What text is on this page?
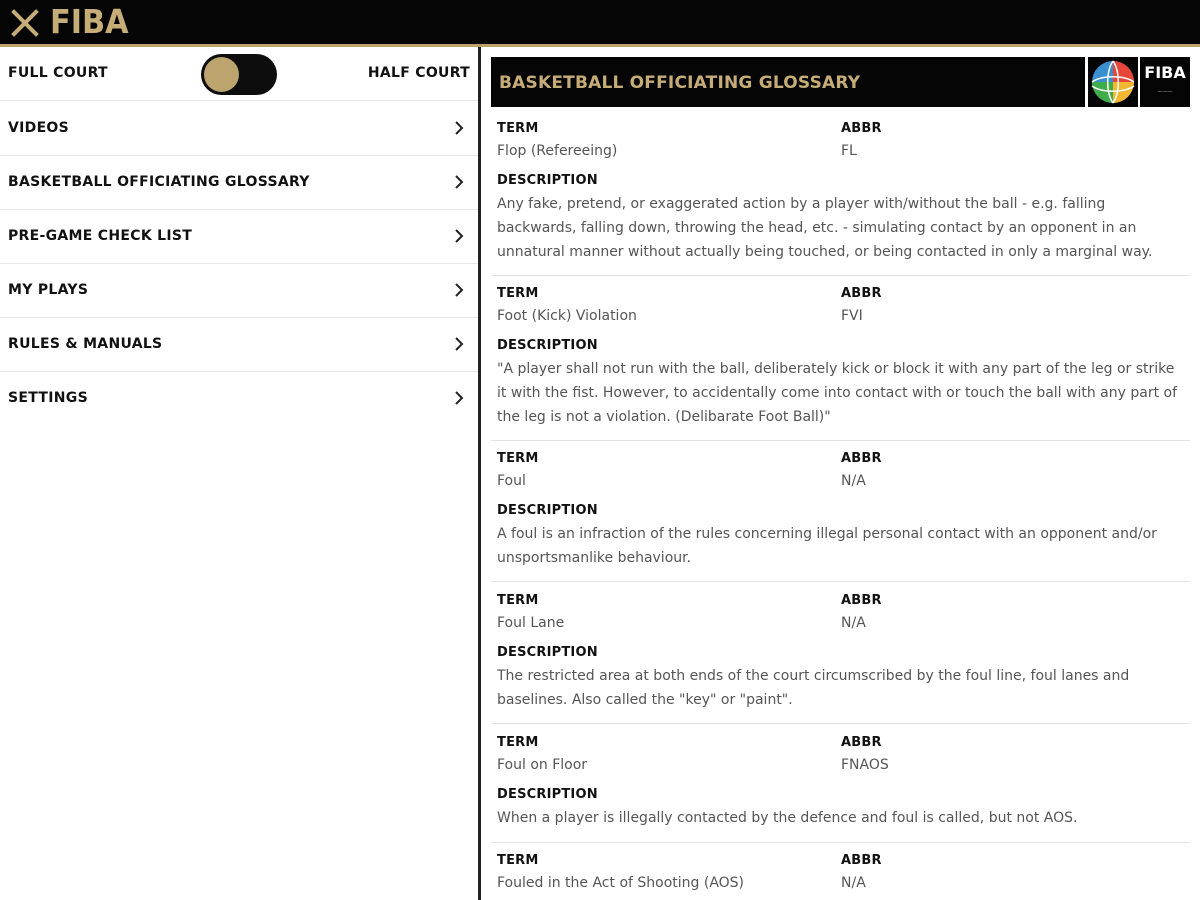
FIBA
FULL COURT	HALF COURT
VIDEOS
BASKETBALL OFFICIATING GLOSSARY
PRE-GAME CHECK LIST
MY PLAYS
RULES & MANUALS
SETTINGS
BASKETBALL OFFICIATING GLOSSARY
FIBA
———
TERM	ABBR
Flop (Refereeing)	FL
DESCRIPTION
Any fake, pretend, or exaggerated action by a player with/without the ball - e.g. falling backwards, falling down, throwing the head, etc. - simulating contact by an opponent in an unnatural manner without actually being touched, or being contacted in only a marginal way.
TERM	ABBR
Foot (Kick) Violation	FVI
DESCRIPTION
"A player shall not run with the ball, deliberately kick or block it with any part of the leg or strike it with the fist. However, to accidentally come into contact with or touch the ball with any part of the leg is not a violation. (Delibarate Foot Ball)"
TERM	ABBR
Foul	N/A
DESCRIPTION
A foul is an infraction of the rules concerning illegal personal contact with an opponent and/or unsportsmanlike behaviour.
TERM	ABBR
Foul Lane	N/A
DESCRIPTION
The restricted area at both ends of the court circumscribed by the foul line, foul lanes and baselines. Also called the "key" or "paint".
TERM	ABBR
Foul on Floor	FNAOS
DESCRIPTION
When a player is illegally contacted by the defence and foul is called, but not AOS.
TERM	ABBR
Fouled in the Act of Shooting (AOS)	N/A
